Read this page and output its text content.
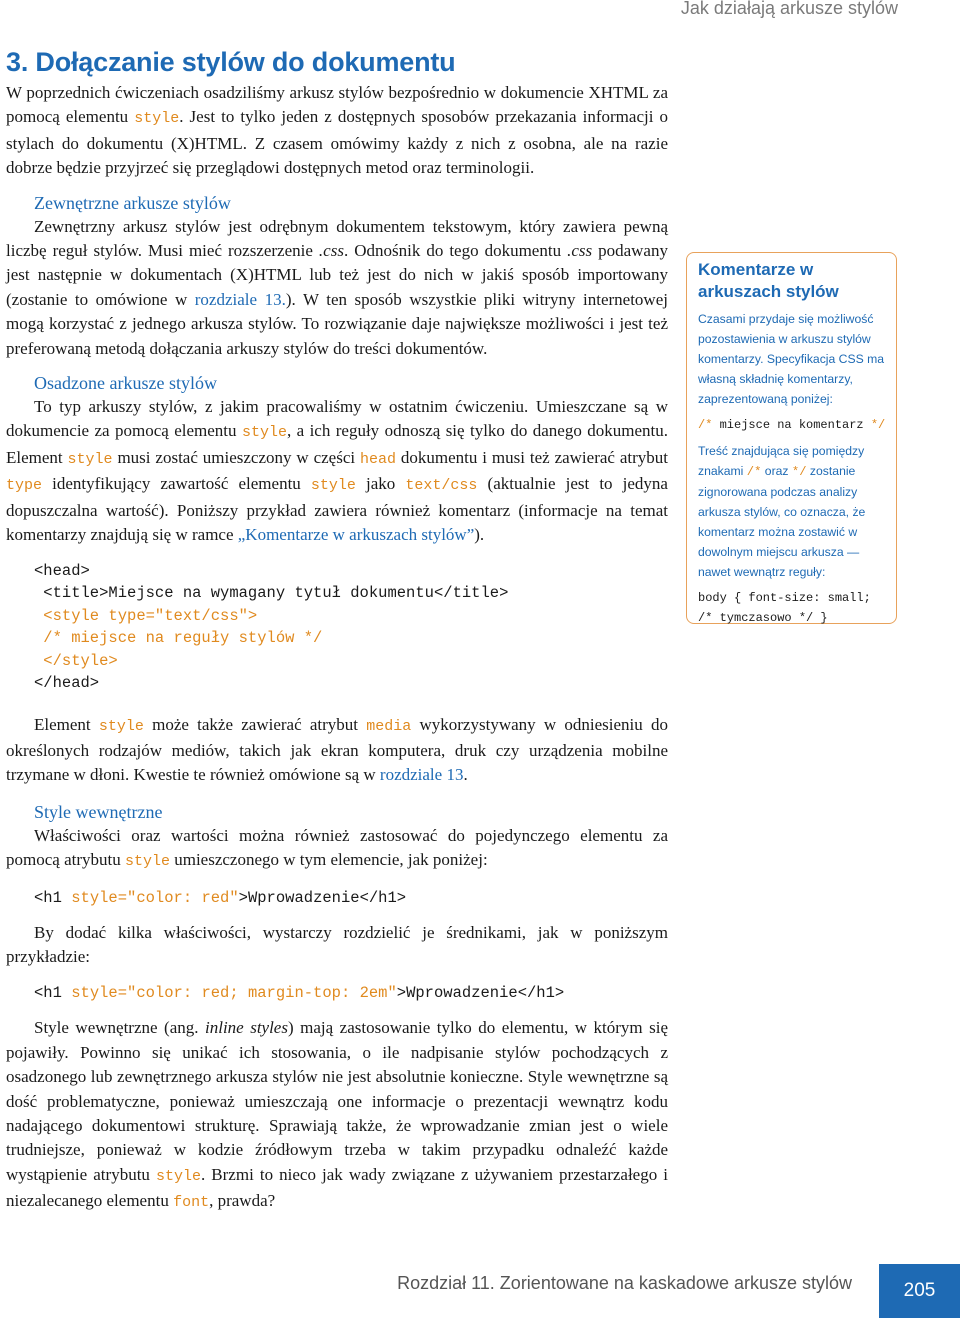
Jak działają arkusze stylów
3. Dołączanie stylów do dokumentu

W poprzednich ćwiczeniach osadziliśmy arkusz stylów bezpośrednio w dokumencie XHTML za pomocą elementu style. Jest to tylko jeden z dostępnych sposobów przekazania informacji o stylach do dokumentu (X)HTML. Z czasem omówimy każdy z nich z osobna, ale na razie dobrze będzie przyjrzeć się przeglądowi dostępnych metod oraz terminologii.

Zewnętrzne arkusze stylów

Zewnętrzny arkusz stylów jest odrębnym dokumentem tekstowym, który zawiera pewną liczbę reguł stylów. Musi mieć rozszerzenie .css. Odnośnik do tego dokumentu .css podawany jest następnie w dokumentach (X)HTML lub też jest do nich w jakiś sposób importowany (zostanie to omówione w rozdziale 13.). W ten sposób wszystkie pliki witryny internetowej mogą korzystać z jednego arkusza stylów. To rozwiązanie daje największe możliwości i jest też preferowaną metodą dołączania arkuszy stylów do treści dokumentów.

Osadzone arkusze stylów

To typ arkuszy stylów, z jakim pracowaliśmy w ostatnim ćwiczeniu. Umieszczane są w dokumencie za pomocą elementu style, a ich reguły odnoszą się tylko do danego dokumentu. Element style musi zostać umieszczony w części head dokumentu i musi też zawierać atrybut type identyfikujący zawartość elementu style jako text/css (aktualnie jest to jedyna dopuszczalna wartość). Poniższy przykład zawiera również komentarz (informacje na temat komentarzy znajdują się w ramce „Komentarze w arkuszach stylów”).

<head>
<title>Miejsce na wymagany tytuł dokumentu</title>
<style type="text/css">
/* miejsce na reguły stylów */
</style>
</head>

Element style może także zawierać atrybut media wykorzystywany w odniesieniu do określonych rodzajów mediów, takich jak ekran komputera, druk czy urządzenia mobilne trzymane w dłoni. Kwestie te również omówione są w rozdziale 13.

Style wewnętrzne

Właściwości oraz wartości można również zastosować do pojedynczego elementu za pomocą atrybutu style umieszczonego w tym elemencie, jak poniżej:

<h1 style="color: red">Wprowadzenie</h1>

By dodać kilka właściwości, wystarczy rozdzielić je średnikami, jak w poniższym przykładzie:

<h1 style="color: red; margin-top: 2em">Wprowadzenie</h1>

Style wewnętrzne (ang. inline styles) mają zastosowanie tylko do elementu, w którym się pojawiły. Powinno się unikać ich stosowania, o ile nadpisanie stylów pochodzących z osadzonego lub zewnętrznego arkusza stylów nie jest absolutnie konieczne. Style wewnętrzne są dość problematyczne, ponieważ umieszczają one informacje o prezentacji wewnątrz kodu nadającego dokumentowi strukturę. Sprawiają także, że wprowadzanie zmian jest o wiele trudniejsze, ponieważ w kodzie źródłowym trzeba w takim przypadku odnaleźć każde wystąpienie atrybutu style. Brzmi to nieco jak wady związane z używaniem przestarzałego i niezalecanego elementu font, prawda?

Komentarze w arkuszach stylów

Czasami przydaje się możliwość pozostawienia w arkuszu stylów komentarzy. Specyfikacja CSS ma własną składnię komentarzy, zaprezentowaną poniżej:

/* miejsce na komentarz */

Treść znajdująca się pomiędzy znakami /* oraz */ zostanie zignorowana podczas analizy arkusza stylów, co oznacza, że komentarz można zostawić w dowolnym miejscu arkusza — nawet wewnątrz reguły:

body { font-size: small;
/* tymczasowo */ }
Rozdział 11. Zorientowane na kaskadowe arkusze stylów	205
